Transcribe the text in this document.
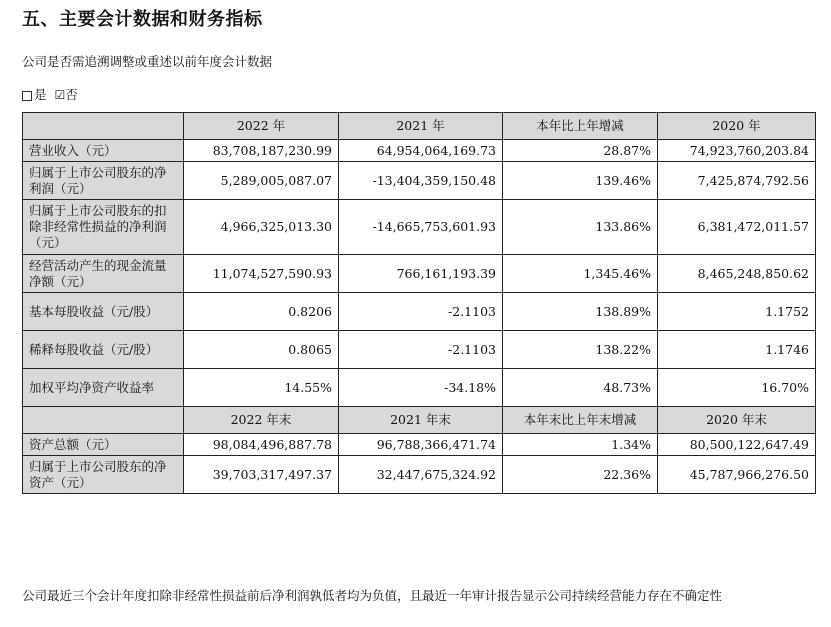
五、主要会计数据和财务指标
公司是否需追溯调整或重述以前年度会计数据
是 ☑否
	2022 年	2021 年	本年比上年增减	2020 年
营业收入（元）	83,708,187,230.99	64,954,064,169.73	28.87%	74,923,760,203.84
归属于上市公司股东的净利润（元）	5,289,005,087.07	-13,404,359,150.48	139.46%	7,425,874,792.56
归属于上市公司股东的扣除非经常性损益的净利润（元）	4,966,325,013.30	-14,665,753,601.93	133.86%	6,381,472,011.57
经营活动产生的现金流量净额（元）	11,074,527,590.93	766,161,193.39	1,345.46%	8,465,248,850.62
基本每股收益（元/股）	0.8206	-2.1103	138.89%	1.1752
稀释每股收益（元/股）	0.8065	-2.1103	138.22%	1.1746
加权平均净资产收益率	14.55%	-34.18%	48.73%	16.70%
	2022 年末	2021 年末	本年末比上年末增减	2020 年末
资产总额（元）	98,084,496,887.78	96,788,366,471.74	1.34%	80,500,122,647.49
归属于上市公司股东的净资产（元）	39,703,317,497.37	32,447,675,324.92	22.36%	45,787,966,276.50
公司最近三个会计年度扣除非经常性损益前后净利润孰低者均为负值，且最近一年审计报告显示公司持续经营能力存在不确定性
